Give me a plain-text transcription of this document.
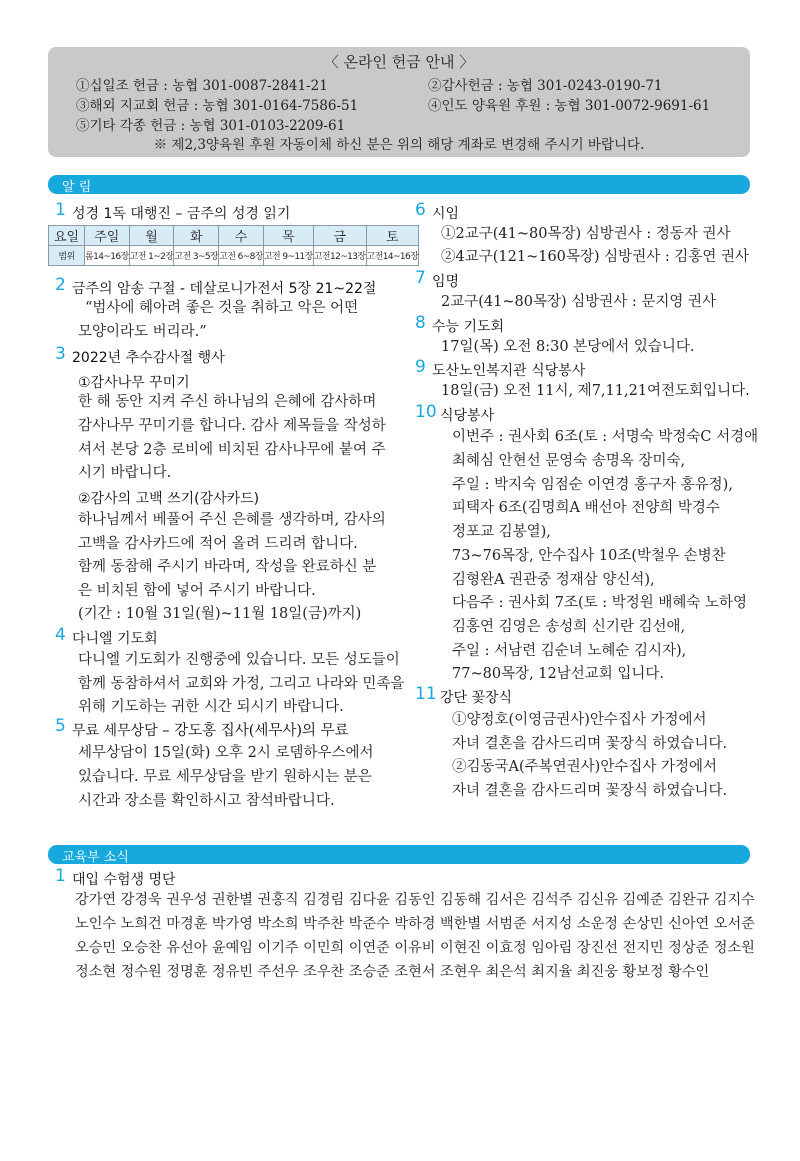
〈 온라인 헌금 안내 〉
①십일조 헌금 : 농협 301-0087-2841-21	②감사헌금 : 농협 301-0243-0190-71
③해외 지교회 헌금 : 농협 301-0164-7586-51	④인도 양육원 후원 : 농협 301-0072-9691-61
⑤기타 각종 헌금 : 농협 301-0103-2209-61
※ 제2,3양육원 후원 자동이체 하신 분은 위의 해당 계좌로 변경해 주시기 바랍니다.
알 림
1 성경 1독 대행진 – 금주의 성경 읽기
요일	주일	월	화	수	목	금	토
범위	롬14~16장	고전 1~2장	고전 3~5장	고전 6~8장	고전 9~11장	고전12~13장	고전14~16장
2 금주의 암송 구절 - 데살로니가전서 5장 21~22절
“범사에 헤아려 좋은 것을 취하고 악은 어떤
모양이라도 버리라.”
3 2022년 추수감사절 행사
①감사나무 꾸미기
한 해 동안 지켜 주신 하나님의 은혜에 감사하며
감사나무 꾸미기를 합니다. 감사 제목들을 작성하
셔서 본당 2층 로비에 비치된 감사나무에 붙여 주
시기 바랍니다.
②감사의 고백 쓰기(감사카드)
하나님께서 베풀어 주신 은혜를 생각하며, 감사의
고백을 감사카드에 적어 올려 드리려 합니다.
함께 동참해 주시기 바라며, 작성을 완료하신 분
은 비치된 함에 넣어 주시기 바랍니다.
(기간 : 10월 31일(월)~11월 18일(금)까지)
4 다니엘 기도회
다니엘 기도회가 진행중에 있습니다. 모든 성도들이
함께 동참하셔서 교회와 가정, 그리고 나라와 민족을
위해 기도하는 귀한 시간 되시기 바랍니다.
5 무료 세무상담 – 강도홍 집사(세무사)의 무료
세무상담이 15일(화) 오후 2시 로뎀하우스에서
있습니다. 무료 세무상담을 받기 원하시는 분은
시간과 장소를 확인하시고 참석바랍니다.
6 시임
①2교구(41~80목장) 심방권사 : 정동자 권사
②4교구(121~160목장) 심방권사 : 김홍연 권사
7 임명
2교구(41~80목장) 심방권사 : 문지영 권사
8 수능 기도회
17일(목) 오전 8:30 본당에서 있습니다.
9 도산노인복지관 식당봉사
18일(금) 오전 11시, 제7,11,21여전도회입니다.
10 식당봉사
이번주 : 권사회 6조(토 : 서명숙 박정숙C 서경애
최혜심 안현선 문영숙 송명옥 장미숙,
주일 : 박지숙 임점순 이연경 홍구자 홍유정),
피택자 6조(김명희A 배선아 전양희 박경수
정포교 김봉열),
73~76목장, 안수집사 10조(박철우 손병찬
김형완A 권관중 정재삼 양신석),
다음주 : 권사회 7조(토 : 박정원 배혜숙 노하영
김홍연 김영은 송성희 신기란 김선애,
주일 : 서남련 김순녀 노혜순 김시자),
77~80목장, 12남선교회 입니다.
11 강단 꽃장식
①양정호(이영금권사)안수집사 가정에서
자녀 결혼을 감사드리며 꽃장식 하였습니다.
②김동국A(주복연권사)안수집사 가정에서
자녀 결혼을 감사드리며 꽃장식 하였습니다.
교육부 소식
1 대입 수험생 명단
강가연 강경욱 권우성 권한별 권홍직 김경림 김다윤 김동인 김동해 김서은 김석주 김신유 김예준 김완규 김지수
노인수 노희건 마경훈 박가영 박소희 박주찬 박준수 박하경 백한별 서범준 서지성 소운정 손상민 신아연 오서준
오승민 오승찬 유선아 윤예임 이기주 이민희 이연준 이유비 이현진 이효정 임아림 장진선 전지민 정상준 정소원
정소현 정수원 정명훈 정유빈 주선우 조우찬 조승준 조현서 조현우 최은석 최지율 최진웅 황보정 황수인
